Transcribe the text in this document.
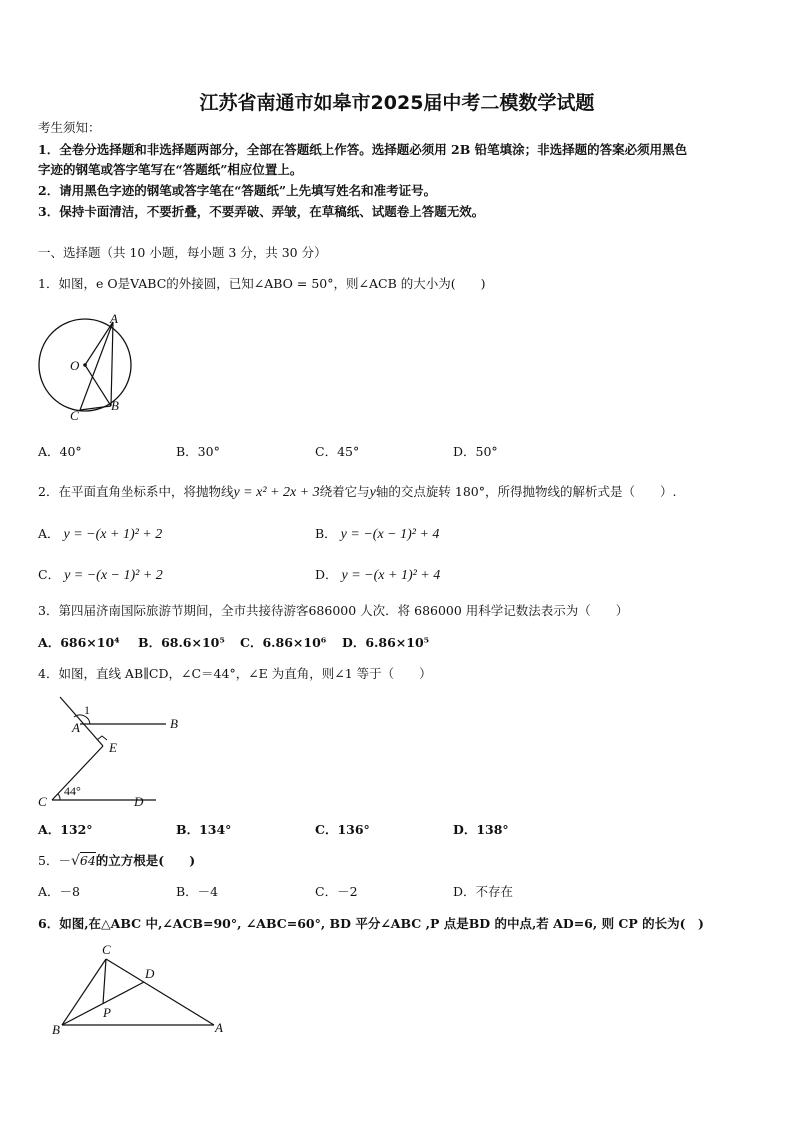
江苏省南通市如皋市2025届中考二模数学试题
考生须知：
1．全卷分选择题和非选择题两部分，全部在答题纸上作答。选择题必须用 2B 铅笔填涂；非选择题的答案必须用黑色
字迹的钢笔或答字笔写在“答题纸”相应位置上。
2．请用黑色字迹的钢笔或答字笔在“答题纸”上先填写姓名和准考证号。
3．保持卡面清洁，不要折叠，不要弄破、弄皱，在草稿纸、试题卷上答题无效。
一、选择题（共 10 小题，每小题 3 分，共 30 分）
1．如图，e O是VABC的外接圆，已知∠ABO = 50°，则∠ACB 的大小为(　　)
A
O
C
B
A．40°	B．30°	C．45°	D．50°
2．在平面直角坐标系中，将抛物线y = x² + 2x + 3绕着它与y轴的交点旋转 180°，所得抛物线的解析式是（　　）.
A． y = −(x + 1)² + 2	B． y = −(x − 1)² + 4
C． y = −(x − 1)² + 2	D． y = −(x + 1)² + 4
3．第四届济南国际旅游节期间，全市共接待游客686000 人次．将 686000 用科学记数法表示为（　　）
A．686×10⁴ B．68.6×10⁵ C．6.86×10⁶ D．6.86×10⁵
4．如图，直线 AB∥CD，∠C＝44°，∠E 为直角，则∠1 等于（　　）
1
A	B
E
C
44°
D
A．132°	B．134°	C．136°	D．138°
5．－√64的立方根是(　　)
A．－8	B．－4	C．－2	D．不存在
6．如图,在△ABC 中,∠ACB=90°, ∠ABC=60°, BD 平分∠ABC ,P 点是BD 的中点,若 AD=6, 则 CP 的长为(　)
C
D
P
B	A
